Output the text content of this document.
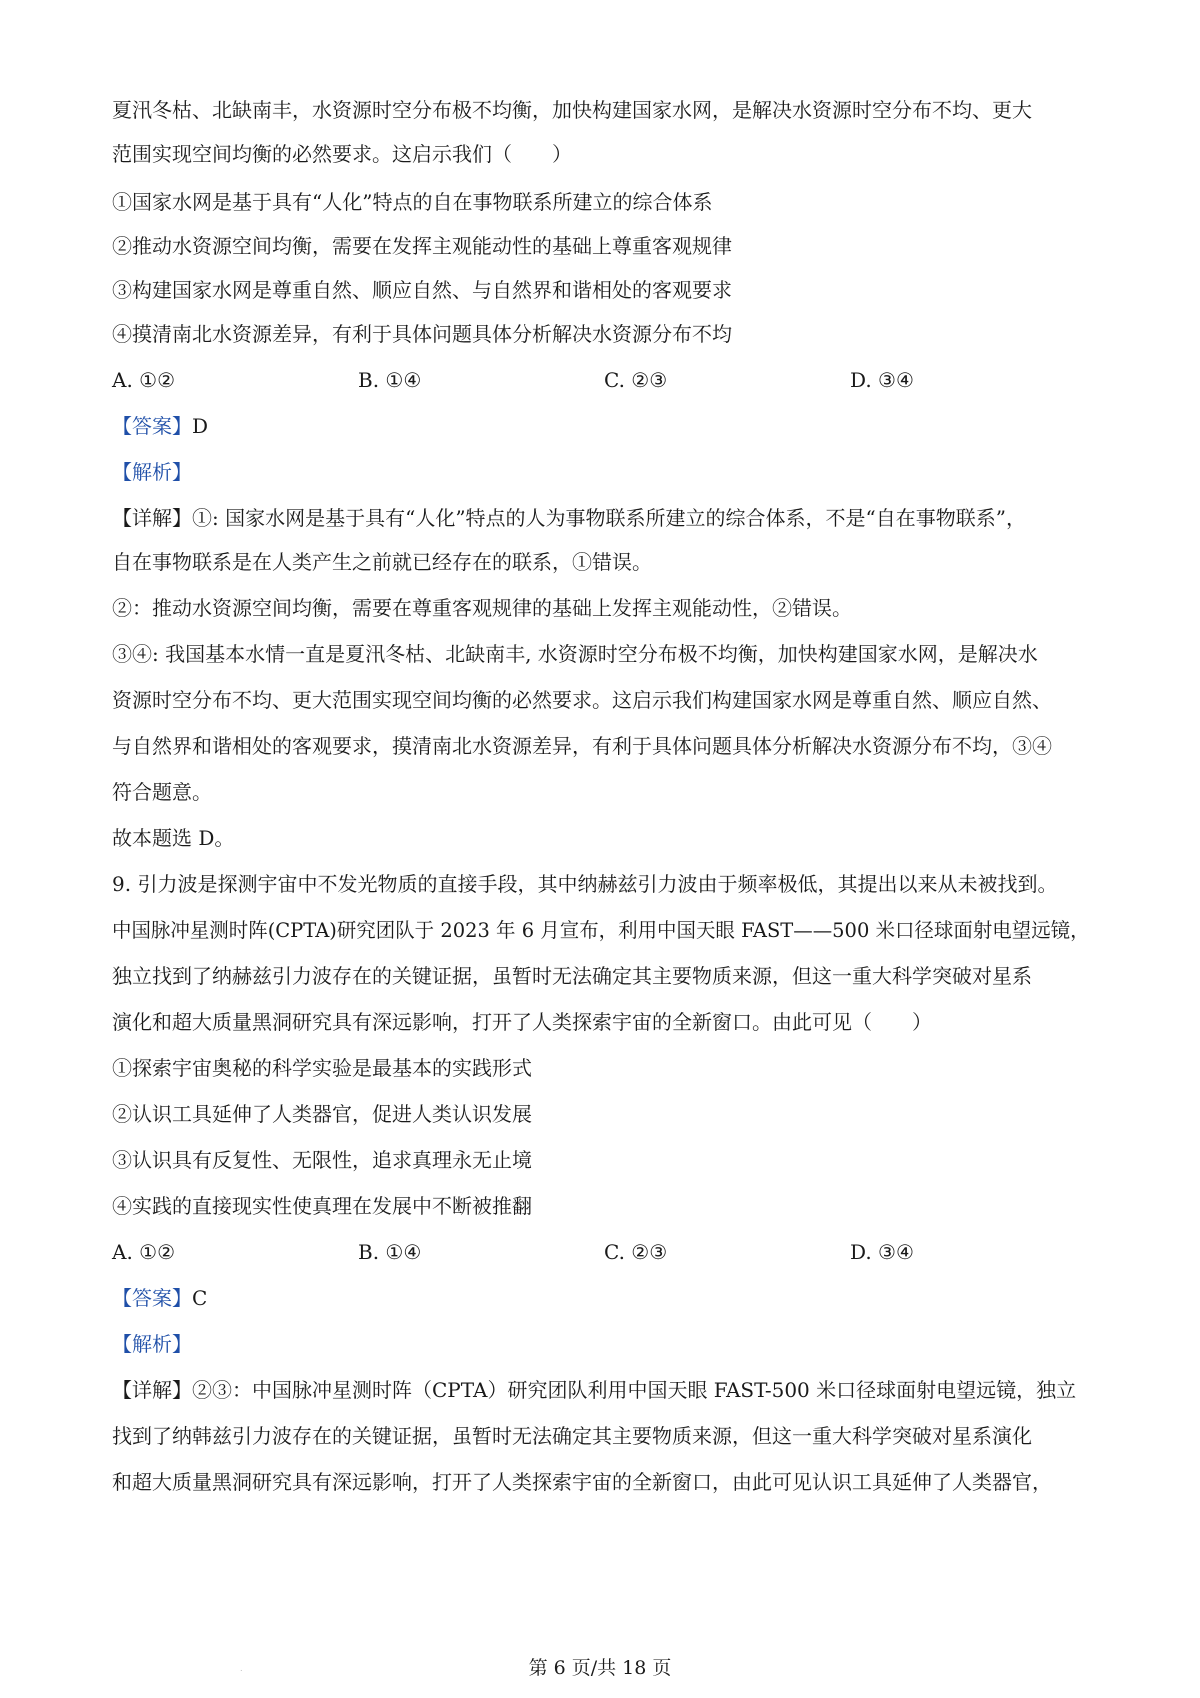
夏汛冬枯、北缺南丰，水资源时空分布极不均衡，加快构建国家水网，是解决水资源时空分布不均、更大
范围实现空间均衡的必然要求。这启示我们（　　）
①国家水网是基于具有“人化”特点的自在事物联系所建立的综合体系
②推动水资源空间均衡，需要在发挥主观能动性的基础上尊重客观规律
③构建国家水网是尊重自然、顺应自然、与自然界和谐相处的客观要求
④摸清南北水资源差异，有利于具体问题具体分析解决水资源分布不均
A. ①②	B. ①④	C. ②③	D. ③④
【答案】D
【解析】
【详解】①: 国家水网是基于具有“人化”特点的人为事物联系所建立的综合体系，不是“自在事物联系”，
自在事物联系是在人类产生之前就已经存在的联系，①错误。
②：推动水资源空间均衡，需要在尊重客观规律的基础上发挥主观能动性，②错误。
③④: 我国基本水情一直是夏汛冬枯、北缺南丰, 水资源时空分布极不均衡，加快构建国家水网，是解决水
资源时空分布不均、更大范围实现空间均衡的必然要求。这启示我们构建国家水网是尊重自然、顺应自然、
与自然界和谐相处的客观要求，摸清南北水资源差异，有利于具体问题具体分析解决水资源分布不均，③④
符合题意。
故本题选 D。
9. 引力波是探测宇宙中不发光物质的直接手段，其中纳赫兹引力波由于频率极低，其提出以来从未被找到。
中国脉冲星测时阵(CPTA)研究团队于 2023 年 6 月宣布，利用中国天眼 FAST——500 米口径球面射电望远镜，
独立找到了纳赫兹引力波存在的关键证据，虽暂时无法确定其主要物质来源，但这一重大科学突破对星系
演化和超大质量黑洞研究具有深远影响，打开了人类探索宇宙的全新窗口。由此可见（　　）
①探索宇宙奥秘的科学实验是最基本的实践形式
②认识工具延伸了人类器官，促进人类认识发展
③认识具有反复性、无限性，追求真理永无止境
④实践的直接现实性使真理在发展中不断被推翻
A. ①②	B. ①④	C. ②③	D. ③④
【答案】C
【解析】
【详解】②③：中国脉冲星测时阵（CPTA）研究团队利用中国天眼 FAST-500 米口径球面射电望远镜，独立
找到了纳韩兹引力波存在的关键证据，虽暂时无法确定其主要物质来源，但这一重大科学突破对星系演化
和超大质量黑洞研究具有深远影响，打开了人类探索宇宙的全新窗口，由此可见认识工具延伸了人类器官，
.	第 6 页/共 18 页
